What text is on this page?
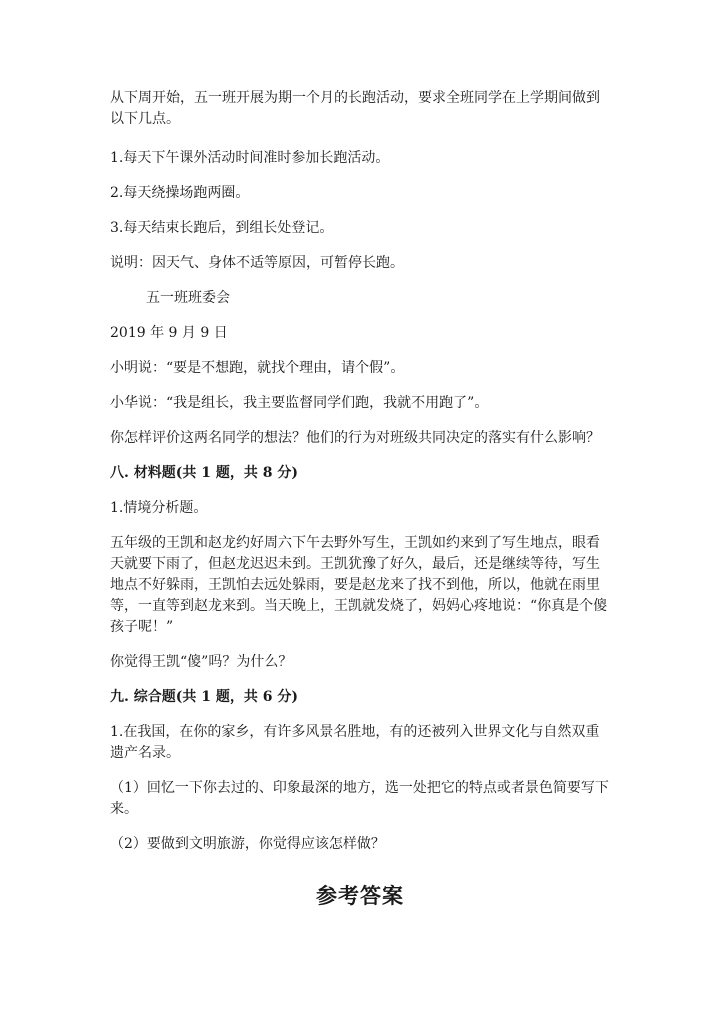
从下周开始，五一班开展为期一个月的长跑活动，要求全班同学在上学期间做到以下几点。

1.每天下午课外活动时间准时参加长跑活动。

2.每天绕操场跑两圈。

3.每天结束长跑后，到组长处登记。

说明：因天气、身体不适等原因，可暂停长跑。

五一班班委会

2019 年 9 月 9 日

小明说：“要是不想跑，就找个理由，请个假”。

小华说：“我是组长，我主要监督同学们跑，我就不用跑了”。

你怎样评价这两名同学的想法？他们的行为对班级共同决定的落实有什么影响？

八. 材料题(共 1 题，共 8 分)

1.情境分析题。

五年级的王凯和赵龙约好周六下午去野外写生，王凯如约来到了写生地点，眼看天就要下雨了，但赵龙迟迟未到。王凯犹豫了好久，最后，还是继续等待，写生地点不好躲雨，王凯怕去远处躲雨，要是赵龙来了找不到他，所以，他就在雨里等，一直等到赵龙来到。当天晚上，王凯就发烧了，妈妈心疼地说：“你真是个傻孩子呢！”

你觉得王凯“傻”吗？为什么？

九. 综合题(共 1 题，共 6 分)

1.在我国，在你的家乡，有许多风景名胜地，有的还被列入世界文化与自然双重遗产名录。

（1）回忆一下你去过的、印象最深的地方，选一处把它的特点或者景色简要写下来。

（2）要做到文明旅游，你觉得应该怎样做？

参考答案
